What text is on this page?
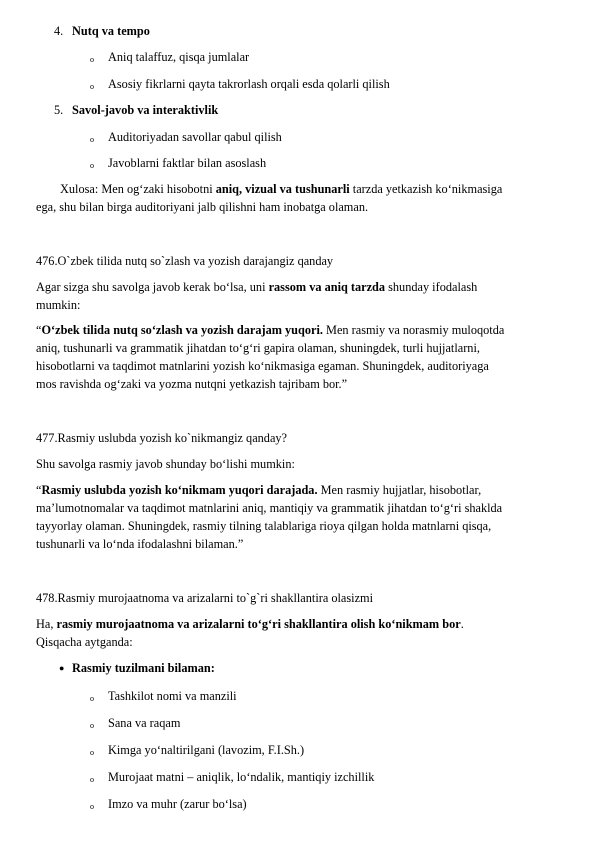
4. Nutq va tempo
o Aniq talaffuz, qisqa jumlalar
o Asosiy fikrlarni qayta takrorlash orqali esda qolarli qilish
5. Savol-javob va interaktivlik
o Auditoriyadan savollar qabul qilish
o Javoblarni faktlar bilan asoslash
Xulosa: Men og‘zaki hisobotni aniq, vizual va tushunarli tarzda yetkazish ko‘nikmasiga
ega, shu bilan birga auditoriyani jalb qilishni ham inobatga olaman.
476.O`zbek tilida nutq so`zlash va yozish darajangiz qanday
Agar sizga shu savolga javob kerak bo‘lsa, uni rassom va aniq tarzda shunday ifodalash
mumkin:
“O‘zbek tilida nutq so‘zlash va yozish darajam yuqori. Men rasmiy va norasmiy muloqotda
aniq, tushunarli va grammatik jihatdan to‘g‘ri gapira olaman, shuningdek, turli hujjatlarni,
hisobotlarni va taqdimot matnlarini yozish ko‘nikmasiga egaman. Shuningdek, auditoriyaga
mos ravishda og‘zaki va yozma nutqni yetkazish tajribam bor.”
477.Rasmiy uslubda yozish ko`nikmangiz qanday?
Shu savolga rasmiy javob shunday bo‘lishi mumkin:
“Rasmiy uslubda yozish ko‘nikmam yuqori darajada. Men rasmiy hujjatlar, hisobotlar,
ma’lumotnomalar va taqdimot matnlarini aniq, mantiqiy va grammatik jihatdan to‘g‘ri shaklda
tayyorlay olaman. Shuningdek, rasmiy tilning talablariga rioya qilgan holda matnlarni qisqa,
tushunarli va lo‘nda ifodalashni bilaman.”
478.Rasmiy murojaatnoma va arizalarni to`g`ri shakllantira olasizmi
Ha, rasmiy murojaatnoma va arizalarni to‘g‘ri shakllantira olish ko‘nikmam bor.
Qisqacha aytganda:
● Rasmiy tuzilmani bilaman:
o Tashkilot nomi va manzili
o Sana va raqam
o Kimga yo‘naltirilgani (lavozim, F.I.Sh.)
o Murojaat matni – aniqlik, lo‘ndalik, mantiqiy izchillik
o Imzo va muhr (zarur bo‘lsa)
